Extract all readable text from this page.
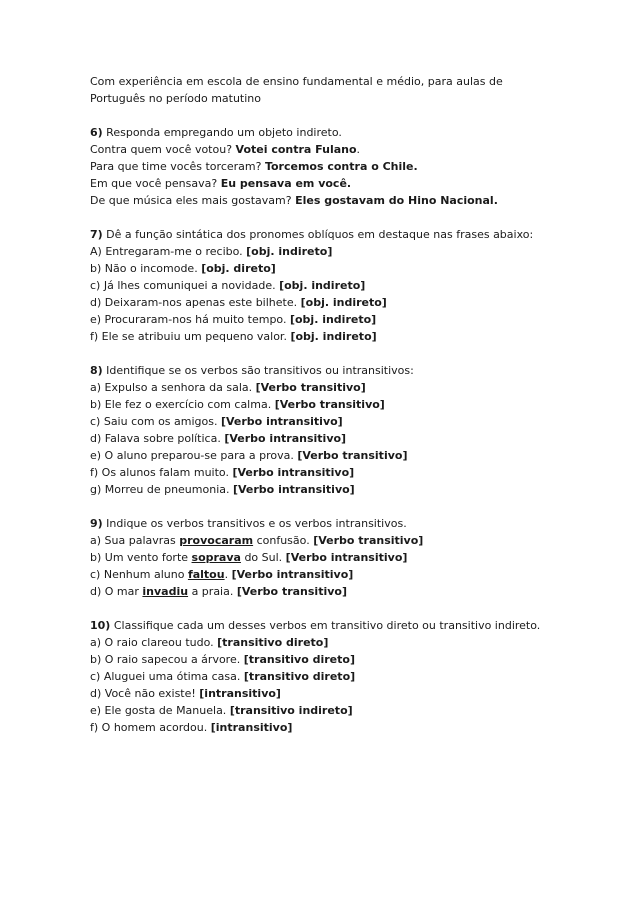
Com experiência em escola de ensino fundamental e médio, para aulas de
Português no período matutino
6) Responda empregando um objeto indireto.
Contra quem você votou? Votei contra Fulano.
Para que time vocês torceram? Torcemos contra o Chile.
Em que você pensava? Eu pensava em você.
De que música eles mais gostavam? Eles gostavam do Hino Nacional.
7) Dê a função sintática dos pronomes oblíquos em destaque nas frases abaixo:
A) Entregaram-me o recibo. [obj. indireto]
b) Não o incomode. [obj. direto]
c) Já lhes comuniquei a novidade. [obj. indireto]
d) Deixaram-nos apenas este bilhete. [obj. indireto]
e) Procuraram-nos há muito tempo. [obj. indireto]
f) Ele se atribuiu um pequeno valor. [obj. indireto]
8) Identifique se os verbos são transitivos ou intransitivos:
a) Expulso a senhora da sala. [Verbo transitivo]
b) Ele fez o exercício com calma. [Verbo transitivo]
c) Saiu com os amigos. [Verbo intransitivo]
d) Falava sobre política. [Verbo intransitivo]
e) O aluno preparou-se para a prova. [Verbo transitivo]
f) Os alunos falam muito. [Verbo intransitivo]
g) Morreu de pneumonia. [Verbo intransitivo]
9) Indique os verbos transitivos e os verbos intransitivos.
a) Sua palavras provocaram confusão. [Verbo transitivo]
b) Um vento forte soprava do Sul. [Verbo intransitivo]
c) Nenhum aluno faltou. [Verbo intransitivo]
d) O mar invadiu a praia. [Verbo transitivo]
10) Classifique cada um desses verbos em transitivo direto ou transitivo indireto.
a) O raio clareou tudo. [transitivo direto]
b) O raio sapecou a árvore. [transitivo direto]
c) Aluguei uma ótima casa. [transitivo direto]
d) Você não existe! [intransitivo]
e) Ele gosta de Manuela. [transitivo indireto]
f) O homem acordou. [intransitivo]
